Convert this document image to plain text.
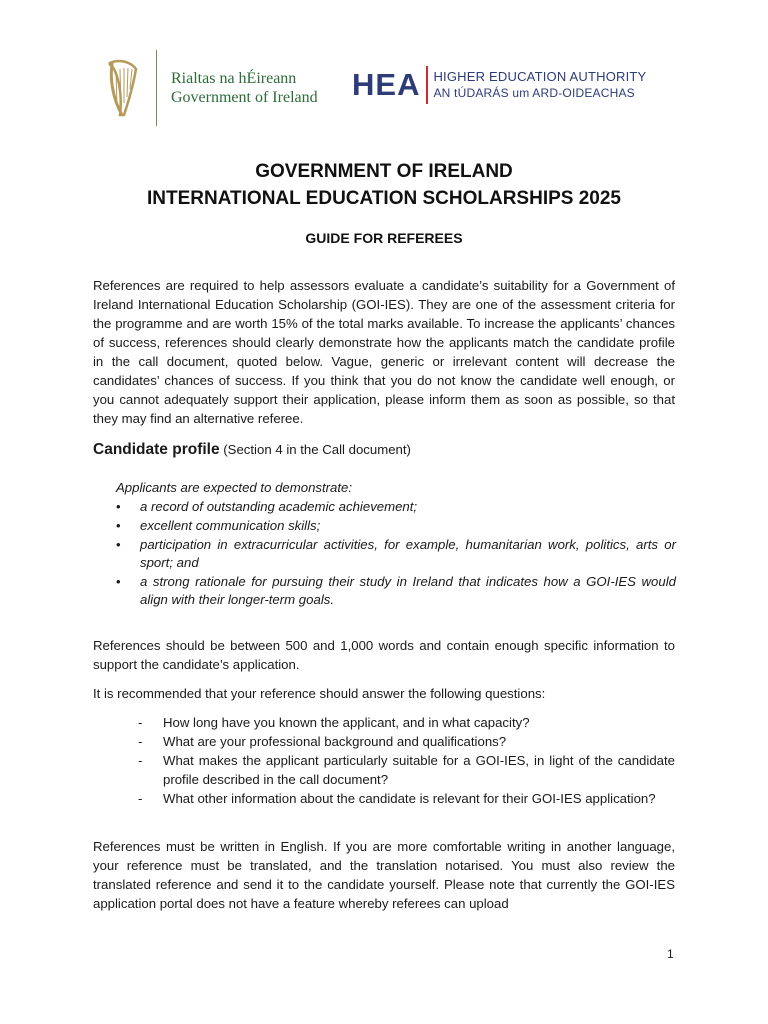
Rialtas na hÉireann
Government of Ireland HEA HIGHER EDUCATION AUTHORITY
AN tÚDARÁS um ARD-OIDEACHAS
GOVERNMENT OF IRELAND
INTERNATIONAL EDUCATION SCHOLARSHIPS 2025
GUIDE FOR REFEREES

References are required to help assessors evaluate a candidate’s suitability for a Government of Ireland International Education Scholarship (GOI-IES). They are one of the assessment criteria for the programme and are worth 15% of the total marks available. To increase the applicants’ chances of success, references should clearly demonstrate how the applicants match the candidate profile in the call document, quoted below. Vague, generic or irrelevant content will decrease the candidates’ chances of success. If you think that you do not know the candidate well enough, or you cannot adequately support their application, please inform them as soon as possible, so that they may find an alternative referee.

Candidate profile (Section 4 in the Call document)
Applicants are expected to demonstrate:
• a record of outstanding academic achievement;
• excellent communication skills;
• participation in extracurricular activities, for example, humanitarian work, politics, arts or sport; and
• a strong rationale for pursuing their study in Ireland that indicates how a GOI-IES would align with their longer-term goals.

References should be between 500 and 1,000 words and contain enough specific information to support the candidate’s application.

It is recommended that your reference should answer the following questions:

- How long have you known the applicant, and in what capacity?
- What are your professional background and qualifications?
- What makes the applicant particularly suitable for a GOI-IES, in light of the candidate profile described in the call document?
- What other information about the candidate is relevant for their GOI-IES application?

References must be written in English. If you are more comfortable writing in another language, your reference must be translated, and the translation notarised. You must also review the translated reference and send it to the candidate yourself. Please note that currently the GOI-IES application portal does not have a feature whereby referees can upload

1
